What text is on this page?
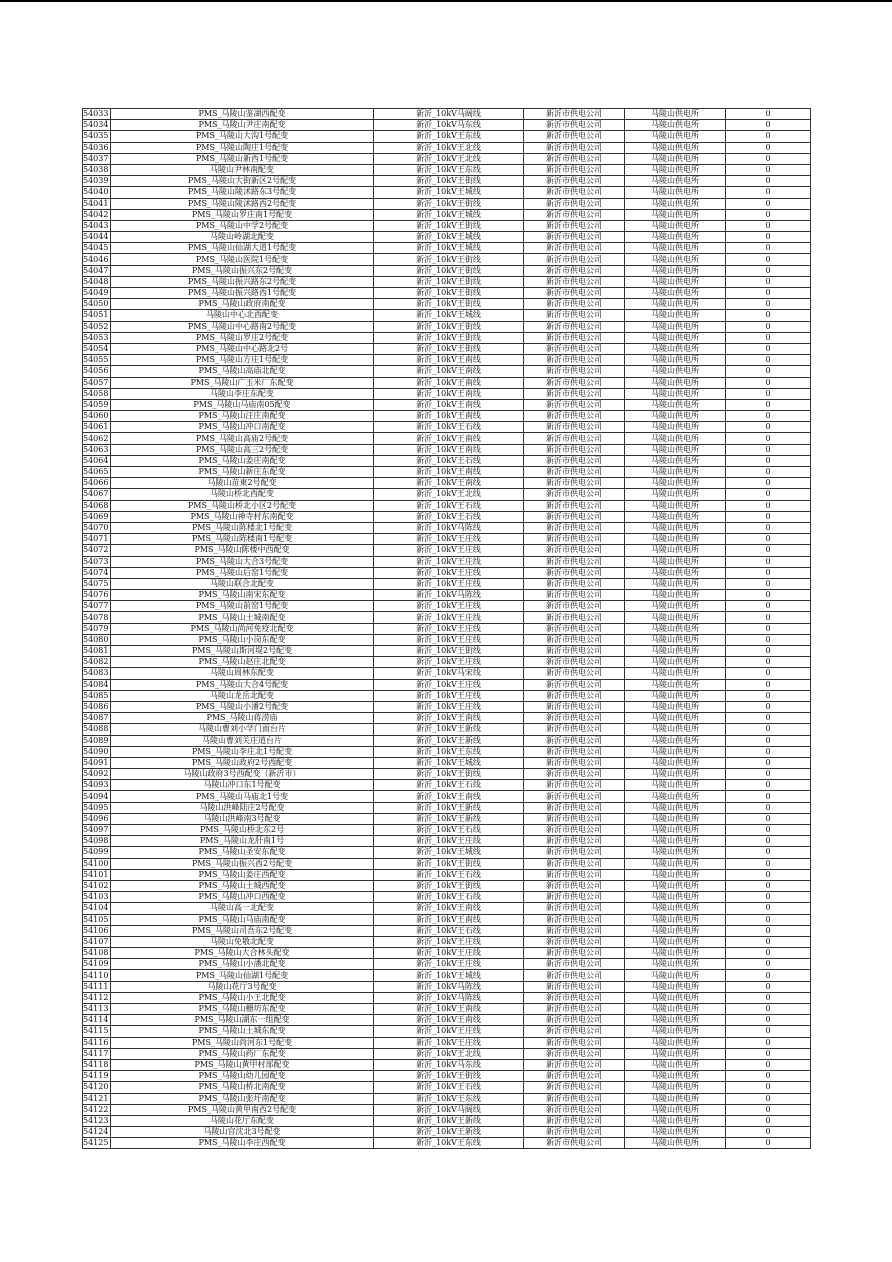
54033	PMS_马陵山鉴湖西配变	新沂_10kV马阔线	新沂市供电公司	马陵山供电所	0
54034	PMS_马陵山尹庄南配变	新沂_10kV马东线	新沂市供电公司	马陵山供电所	0
54035	PMS_马陵山大沟1号配变	新沂_10kV王东线	新沂市供电公司	马陵山供电所	0
54036	PMS_马陵山陶庄1号配变	新沂_10kV王北线	新沂市供电公司	马陵山供电所	0
54037	PMS_马陵山新西1号配变	新沂_10kV王北线	新沂市供电公司	马陵山供电所	0
54038	马陵山尹林南配变	新沂_10kV王东线	新沂市供电公司	马陵山供电所	0
54039	PMS_马陵山大街新区2号配变	新沂_10kV王街线	新沂市供电公司	马陵山供电所	0
54040	PMS_马陵山陵沭路东3号配变	新沂_10kV王城线	新沂市供电公司	马陵山供电所	0
54041	PMS_马陵山陵沭路西2号配变	新沂_10kV王街线	新沂市供电公司	马陵山供电所	0
54042	PMS_马陵山罗庄南1号配变	新沂_10kV王城线	新沂市供电公司	马陵山供电所	0
54043	PMS_马陵山中学2号配变	新沂_10kV王街线	新沂市供电公司	马陵山供电所	0
54044	马陵山岭湖北配变	新沂_10kV王城线	新沂市供电公司	马陵山供电所	0
54045	PMS_马陵山仙湖大道1号配变	新沂_10kV王城线	新沂市供电公司	马陵山供电所	0
54046	PMS_马陵山医院1号配变	新沂_10kV王街线	新沂市供电公司	马陵山供电所	0
54047	PMS_马陵山振兴东2号配变	新沂_10kV王街线	新沂市供电公司	马陵山供电所	0
54048	PMS_马陵山振兴路东2号配变	新沂_10kV王街线	新沂市供电公司	马陵山供电所	0
54049	PMS_马陵山振兴路西1号配变	新沂_10kV王街线	新沂市供电公司	马陵山供电所	0
54050	PMS_马陵山政府南配变	新沂_10kV王街线	新沂市供电公司	马陵山供电所	0
54051	马陵山中心北西配变	新沂_10kV王城线	新沂市供电公司	马陵山供电所	0
54052	PMS_马陵山中心路南2号配变	新沂_10kV王街线	新沂市供电公司	马陵山供电所	0
54053	PMS_马陵山罗庄2号配变	新沂_10kV王街线	新沂市供电公司	马陵山供电所	0
54054	PMS_马陵山中心路北2号	新沂_10kV王街线	新沂市供电公司	马陵山供电所	0
54055	PMS_马陵山方庄1号配变	新沂_10kV王南线	新沂市供电公司	马陵山供电所	0
54056	PMS_马陵山高庙北配变	新沂_10kV王南线	新沂市供电公司	马陵山供电所	0
54057	PMS_马陵山广玉米厂东配变	新沂_10kV王南线	新沂市供电公司	马陵山供电所	0
54058	马陵山李庄东配变	新沂_10kV王南线	新沂市供电公司	马陵山供电所	0
54059	PMS_马陵山马庙南05配变	新沂_10kV王南线	新沂市供电公司	马陵山供电所	0
54060	PMS_马陵山汪庄南配变	新沂_10kV王南线	新沂市供电公司	马陵山供电所	0
54061	PMS_马陵山冲口南配变	新沂_10kV王石线	新沂市供电公司	马陵山供电所	0
54062	PMS_马陵山高庙2号配变	新沂_10kV王南线	新沂市供电公司	马陵山供电所	0
54063	PMS_马陵山高三2号配变	新沂_10kV王南线	新沂市供电公司	马陵山供电所	0
54064	PMS_马陵山姜庄南配变	新沂_10kV王石线	新沂市供电公司	马陵山供电所	0
54065	PMS_马陵山新庄东配变	新沂_10kV王南线	新沂市供电公司	马陵山供电所	0
54066	马陵山苗東2号配变	新沂_10kV王南线	新沂市供电公司	马陵山供电所	0
54067	马陵山桥北西配变	新沂_10kV王北线	新沂市供电公司	马陵山供电所	0
54068	PMS_马陵山桥北小区2号配变	新沂_10kV王石线	新沂市供电公司	马陵山供电所	0
54069	PMS_马陵山神寺村东南配变	新沂_10kV王石线	新沂市供电公司	马陵山供电所	0
54070	PMS_马陵山陈楼北1号配变	新沂_10kV马陈线	新沂市供电公司	马陵山供电所	0
54071	PMS_马陵山陈楼南1号配变	新沂_10kV王庄线	新沂市供电公司	马陵山供电所	0
54072	PMS_马陵山陈楼中西配变	新沂_10kV王庄线	新沂市供电公司	马陵山供电所	0
54073	PMS_马陵山大合3号配变	新沂_10kV王庄线	新沂市供电公司	马陵山供电所	0
54074	PMS_马陵山后窑1号配变	新沂_10kV王庄线	新沂市供电公司	马陵山供电所	0
54075	马陵山联合北配变	新沂_10kV王庄线	新沂市供电公司	马陵山供电所	0
54076	PMS_马陵山南宋东配变	新沂_10kV马陈线	新沂市供电公司	马陵山供电所	0
54077	PMS_马陵山前窑1号配变	新沂_10kV王庄线	新沂市供电公司	马陵山供电所	0
54078	PMS_马陵山土城南配变	新沂_10kV王庄线	新沂市供电公司	马陵山供电所	0
54079	PMS_马陵山尚河免疫北配变	新沂_10kV王庄线	新沂市供电公司	马陵山供电所	0
54080	PMS_马陵山小岗东配变	新沂_10kV王庄线	新沂市供电公司	马陵山供电所	0
54081	PMS_马陵山斯河堤2号配变	新沂_10kV王街线	新沂市供电公司	马陵山供电所	0
54082	PMS_马陵山赵庄北配变	新沂_10kV王庄线	新沂市供电公司	马陵山供电所	0
54083	马陵山周林东配变	新沂_10kV马宋线	新沂市供电公司	马陵山供电所	0
54084	PMS_马陵山大合4号配变	新沂_10kV王庄线	新沂市供电公司	马陵山供电所	0
54085	马陵山龙岳北配变	新沂_10kV王庄线	新沂市供电公司	马陵山供电所	0
54086	PMS_马陵山小潘2号配变	新沂_10kV王庄线	新沂市供电公司	马陵山供电所	0
54087	PMS_马陵山蒋涝庙	新沂_10kV王南线	新沂市供电公司	马陵山供电所	0
54088	马陵山曹刘小学门面台片	新沂_10kV王新线	新沂市供电公司	马陵山供电所	0
54089	马陵山曹刘关庄道台片	新沂_10kV王新线	新沂市供电公司	马陵山供电所	0
54090	PMS_马陵山李庄北1号配变	新沂_10kV王东线	新沂市供电公司	马陵山供电所	0
54091	PMS_马陵山政府2号西配变	新沂_10kV王城线	新沂市供电公司	马陵山供电所	0
54092	马陵山政府3号西配变（新沂市）	新沂_10kV王街线	新沂市供电公司	马陵山供电所	0
54093	马陵山冲口东1号配变	新沂_10kV王石线	新沂市供电公司	马陵山供电所	0
54094	PMS_马陵山马庙北1号变	新沂_10kV王南线	新沂市供电公司	马陵山供电所	0
54095	马陵山洪峰陆庄2号配变	新沂_10kV王新线	新沂市供电公司	马陵山供电所	0
54096	马陵山洪峰南3号配变	新沂_10kV王新线	新沂市供电公司	马陵山供电所	0
54097	PMS_马陵山桥北东2号	新沂_10kV王石线	新沂市供电公司	马陵山供电所	0
54098	PMS_马陵山龙肝南1号	新沂_10kV王庄线	新沂市供电公司	马陵山供电所	0
54099	PMS_马陵山圣安东配变	新沂_10kV王城线	新沂市供电公司	马陵山供电所	0
54100	PMS_马陵山振兴西2号配变	新沂_10kV王街线	新沂市供电公司	马陵山供电所	0
54101	PMS_马陵山姜庄西配变	新沂_10kV王石线	新沂市供电公司	马陵山供电所	0
54102	PMS_马陵山土城西配变	新沂_10kV王街线	新沂市供电公司	马陵山供电所	0
54103	PMS_马陵山冲口西配变	新沂_10kV王石线	新沂市供电公司	马陵山供电所	0
54104	马陵山高一北配变	新沂_10kV王南线	新沂市供电公司	马陵山供电所	0
54105	PMS_马陵山马庙南配变	新沂_10kV王南线	新沂市供电公司	马陵山供电所	0
54106	PMS_马陵山司吾东2号配变	新沂_10kV王石线	新沂市供电公司	马陵山供电所	0
54107	马陵山免敬北配变	新沂_10kV王庄线	新沂市供电公司	马陵山供电所	0
54108	PMS_马陵山大合林头配变	新沂_10kV王庄线	新沂市供电公司	马陵山供电所	0
54109	PMS_马陵山小潘北配变	新沂_10kV王庄线	新沂市供电公司	马陵山供电所	0
54110	PMS_马陵山仙湖1号配变	新沂_10kV王城线	新沂市供电公司	马陵山供电所	0
54111	马陵山花厅3号配变	新沂_10kV马陈线	新沂市供电公司	马陵山供电所	0
54112	PMS_马陵山小王北配变	新沂_10kV马陈线	新沂市供电公司	马陵山供电所	0
54113	PMS_马陵山栅坊东配变	新沂_10kV王南线	新沂市供电公司	马陵山供电所	0
54114	PMS_马陵山湖东一组配变	新沂_10kV王南线	新沂市供电公司	马陵山供电所	0
54115	PMS_马陵山土城东配变	新沂_10kV王庄线	新沂市供电公司	马陵山供电所	0
54116	PMS_马陵山尚河东1号配变	新沂_10kV王庄线	新沂市供电公司	马陵山供电所	0
54117	PMS_马陵山药厂东配变	新沂_10kV王北线	新沂市供电公司	马陵山供电所	0
54118	PMS_马陵山黄甲村部配变	新沂_10kV马东线	新沂市供电公司	马陵山供电所	0
54119	PMS_马陵山幼儿园配变	新沂_10kV王街线	新沂市供电公司	马陵山供电所	0
54120	PMS_马陵山桥北南配变	新沂_10kV王石线	新沂市供电公司	马陵山供电所	0
54121	PMS_马陵山张圩南配变	新沂_10kV王东线	新沂市供电公司	马陵山供电所	0
54122	PMS_马陵山黄甲南西2号配变	新沂_10kV马阔线	新沂市供电公司	马陵山供电所	0
54123	马陵山花厅东配变	新沂_10kV王新线	新沂市供电公司	马陵山供电所	0
54124	马陵山官沈北3号配变	新沂_10kV王新线	新沂市供电公司	马陵山供电所	0
54125	PMS_马陵山李庄西配变	新沂_10kV王东线	新沂市供电公司	马陵山供电所	0
